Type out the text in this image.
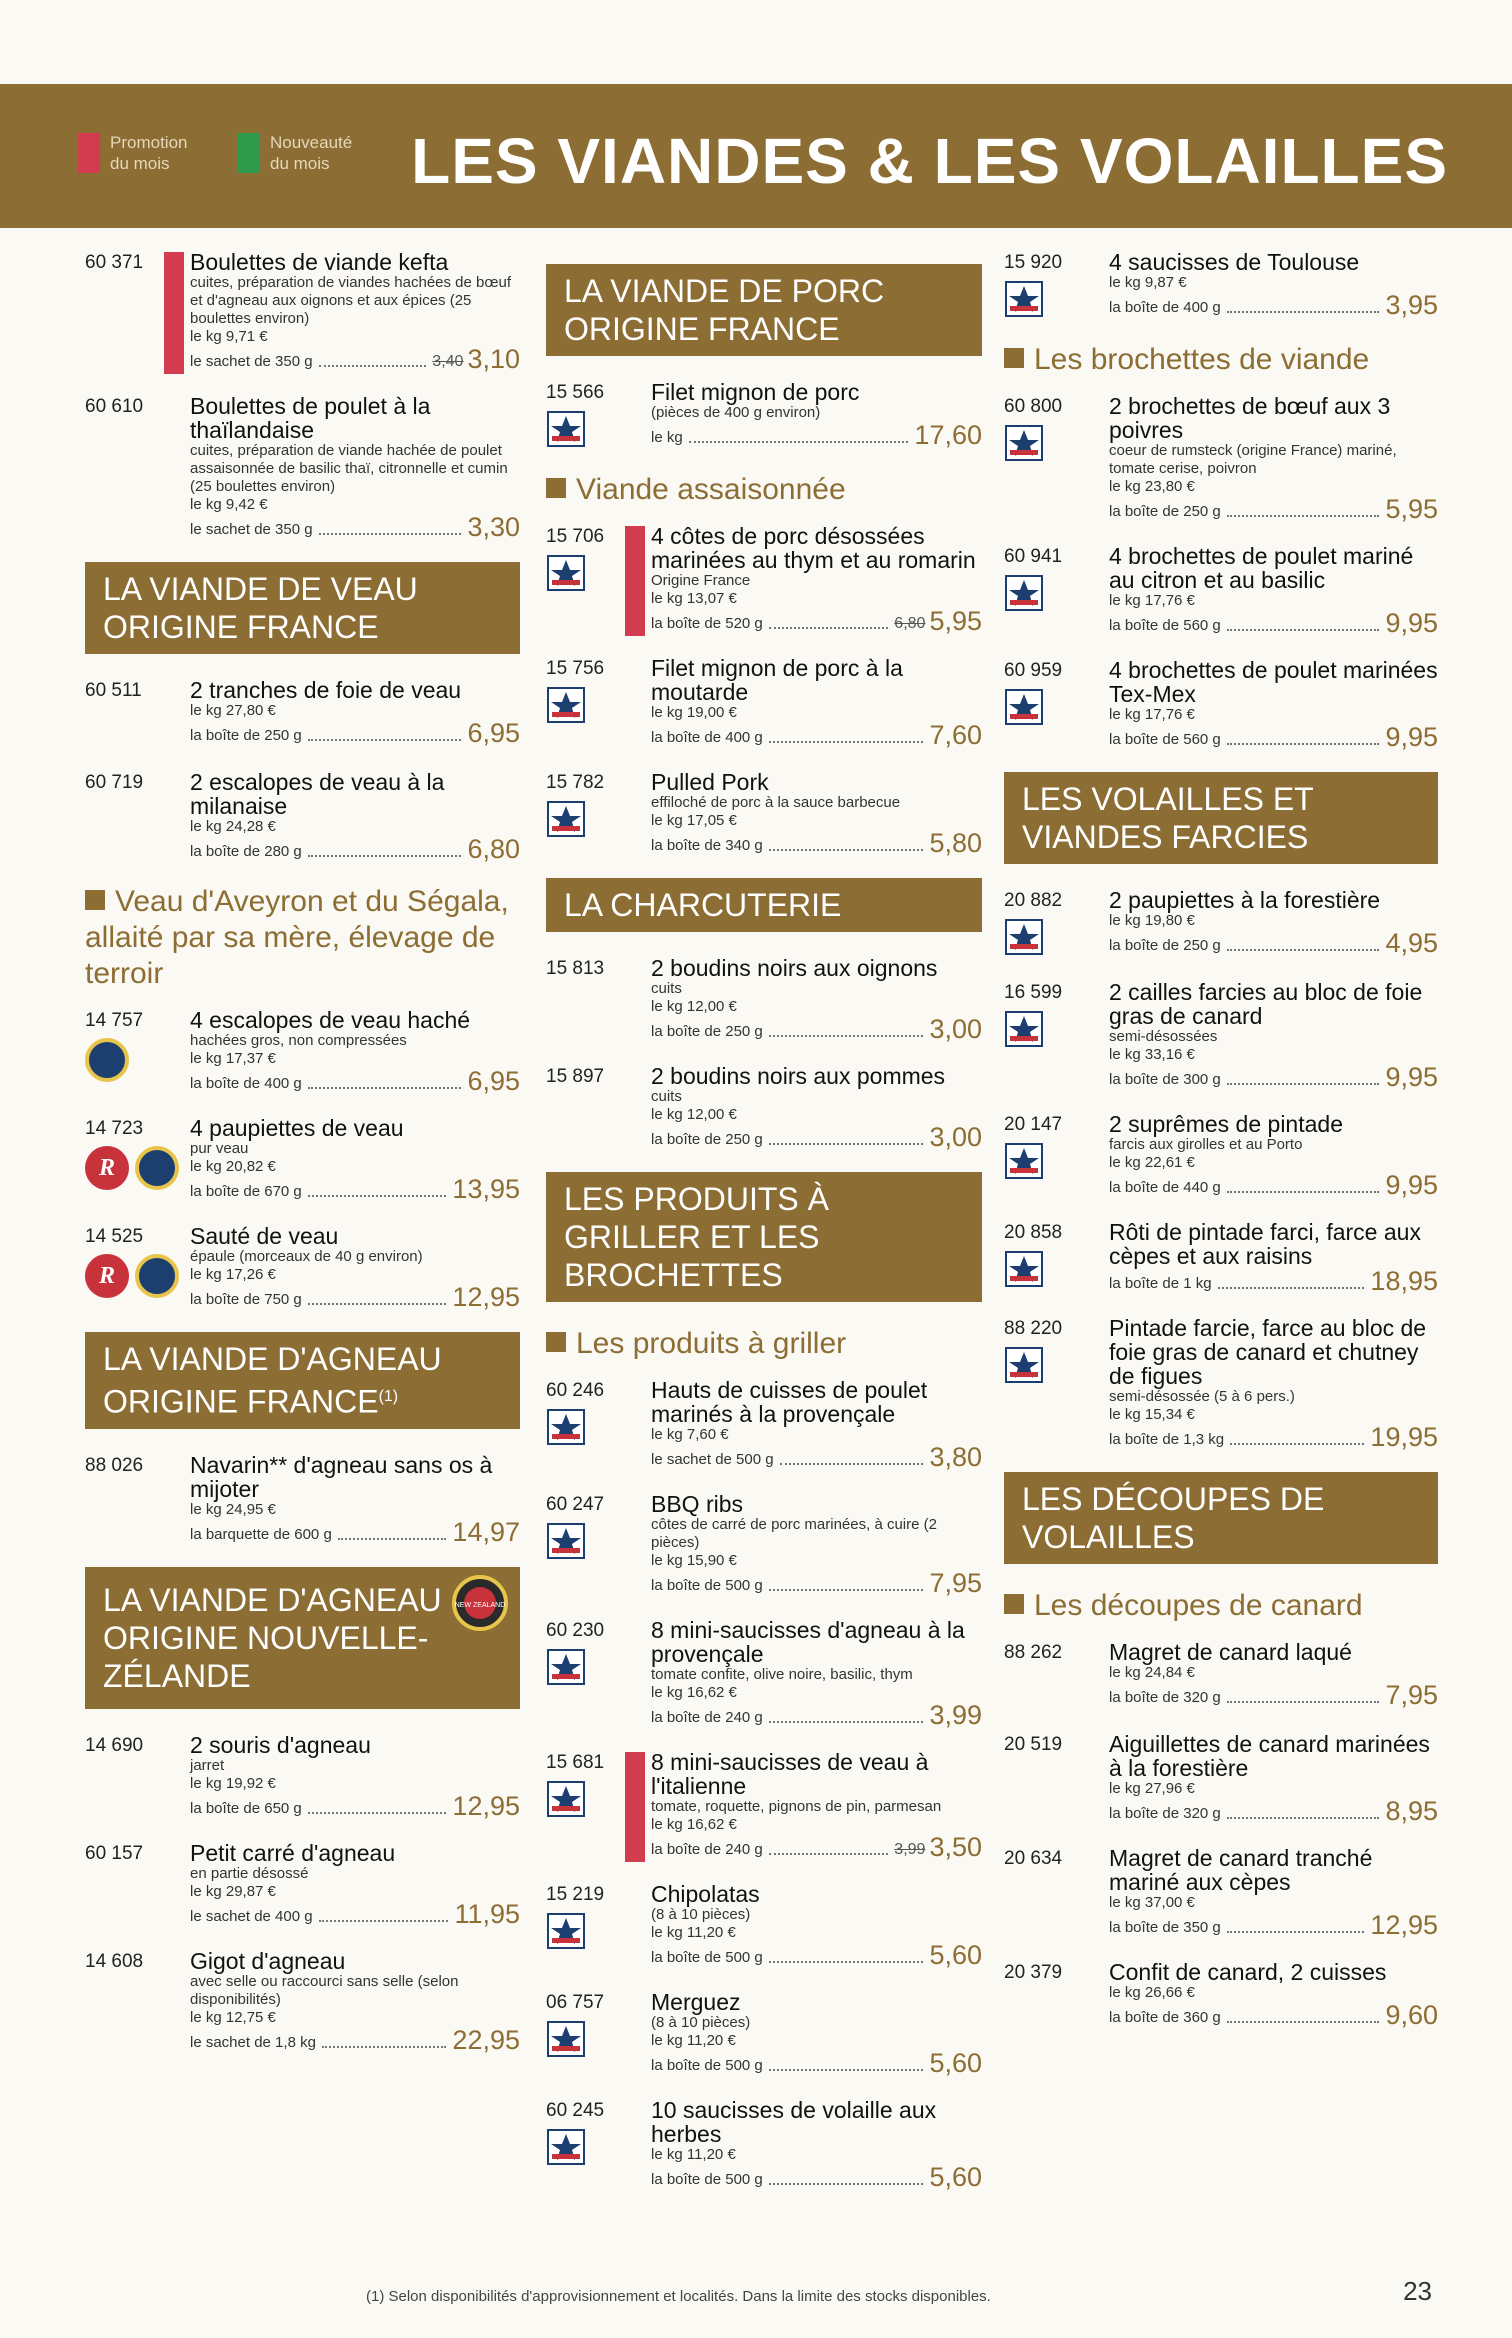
Promotion du mois
Nouveauté du mois	LES VIANDES & LES VOLAILLES
60 371 Boulettes de viande kefta
cuites, préparation de viandes hachées de bœuf et d'agneau aux oignons et aux épices (25 boulettes environ)
le kg 9,71 €
le sachet de 350 g	3,40 3,10
60 610 Boulettes de poulet à la thaïlandaise
cuites, préparation de viande hachée de poulet assaisonnée de basilic thaï, citronnelle et cumin (25 boulettes environ)
le kg 9,42 €
le sachet de 350 g	3,30
LA VIANDE DE VEAU ORIGINE FRANCE
60 511 2 tranches de foie de veau
le kg 27,80 €
la boîte de 250 g	6,95
60 719 2 escalopes de veau à la milanaise
le kg 24,28 €
la boîte de 280 g	6,80
Veau d'Aveyron et du Ségala, allaité par sa mère, élevage de terroir
14 757 4 escalopes de veau haché
hachées gros, non compressées
le kg 17,37 €
la boîte de 400 g	6,95
14 723
R
4 paupiettes de veau
pur veau
le kg 20,82 €
la boîte de 670 g	13,95
14 525
R
Sauté de veau
épaule (morceaux de 40 g environ)
le kg 17,26 €
la boîte de 750 g	12,95
LA VIANDE D'AGNEAU ORIGINE FRANCE$^{(1)}$
88 026 Navarin** d'agneau sans os à mijoter
le kg 24,95 €
la barquette de 600 g	14,97
LA VIANDE D'AGNEAU
ORIGINE NOUVELLE-ZÉLANDE
NEW ZEALAND
14 690 2 souris d'agneau
jarret
le kg 19,92 €
la boîte de 650 g	12,95
60 157 Petit carré d'agneau
en partie désossé
le kg 29,87 €
le sachet de 400 g	11,95
14 608 Gigot d'agneau
avec selle ou raccourci sans selle (selon disponibilités)
le kg 12,75 €
le sachet de 1,8 kg	22,95
LA VIANDE DE PORC ORIGINE FRANCE
15 566 Filet mignon de porc
(pièces de 400 g environ)
le kg	17,60
Viande assaisonnée
15 706 4 côtes de porc désossées marinées au thym et au romarin
Origine France
le kg 13,07 €
la boîte de 520 g	6,80 5,95
15 756 Filet mignon de porc à la moutarde
le kg 19,00 €
la boîte de 400 g	7,60
15 782 Pulled Pork
effiloché de porc à la sauce barbecue
le kg 17,05 €
la boîte de 340 g	5,80
LA CHARCUTERIE
15 813 2 boudins noirs aux oignons
cuits
le kg 12,00 €
la boîte de 250 g	3,00
15 897 2 boudins noirs aux pommes
cuits
le kg 12,00 €
la boîte de 250 g	3,00
LES PRODUITS À GRILLER ET LES BROCHETTES
Les produits à griller
60 246 Hauts de cuisses de poulet marinés à la provençale
le kg 7,60 €
le sachet de 500 g	3,80
60 247 BBQ ribs
côtes de carré de porc marinées, à cuire (2 pièces)
le kg 15,90 €
la boîte de 500 g	7,95
60 230 8 mini-saucisses d'agneau à la provençale
tomate confite, olive noire, basilic, thym
le kg 16,62 €
la boîte de 240 g	3,99
15 681 8 mini-saucisses de veau à l'italienne
tomate, roquette, pignons de pin, parmesan
le kg 16,62 €
la boîte de 240 g	3,99 3,50
15 219 Chipolatas
(8 à 10 pièces)
le kg 11,20 €
la boîte de 500 g	5,60
06 757 Merguez
(8 à 10 pièces)
le kg 11,20 €
la boîte de 500 g	5,60
60 245 10 saucisses de volaille aux herbes
le kg 11,20 €
la boîte de 500 g	5,60
15 920 4 saucisses de Toulouse
le kg 9,87 €
la boîte de 400 g	3,95
Les brochettes de viande
60 800 2 brochettes de bœuf aux 3 poivres
coeur de rumsteck (origine France) mariné, tomate cerise, poivron
le kg 23,80 €
la boîte de 250 g	5,95
60 941 4 brochettes de poulet mariné au citron et au basilic
le kg 17,76 €
la boîte de 560 g	9,95
60 959 4 brochettes de poulet marinées Tex-Mex
le kg 17,76 €
la boîte de 560 g	9,95
LES VOLAILLES ET VIANDES FARCIES
20 882 2 paupiettes à la forestière
le kg 19,80 €
la boîte de 250 g	4,95
16 599 2 cailles farcies au bloc de foie gras de canard
semi-désossées
le kg 33,16 €
la boîte de 300 g	9,95
20 147 2 suprêmes de pintade
farcis aux girolles et au Porto
le kg 22,61 €
la boîte de 440 g	9,95
20 858 Rôti de pintade farci, farce aux cèpes et aux raisins
la boîte de 1 kg	18,95
88 220 Pintade farcie, farce au bloc de foie gras de canard et chutney de figues
semi-désossée (5 à 6 pers.)
le kg 15,34 €
la boîte de 1,3 kg	19,95
LES DÉCOUPES DE VOLAILLES
Les découpes de canard
88 262 Magret de canard laqué
le kg 24,84 €
la boîte de 320 g	7,95
20 519 Aiguillettes de canard marinées à la forestière
le kg 27,96 €
la boîte de 320 g	8,95
20 634 Magret de canard tranché mariné aux cèpes
le kg 37,00 €
la boîte de 350 g	12,95
20 379 Confit de canard, 2 cuisses
le kg 26,66 €
la boîte de 360 g	9,60
(1) Selon disponibilités d'approvisionnement et localités. Dans la limite des stocks disponibles.	23
